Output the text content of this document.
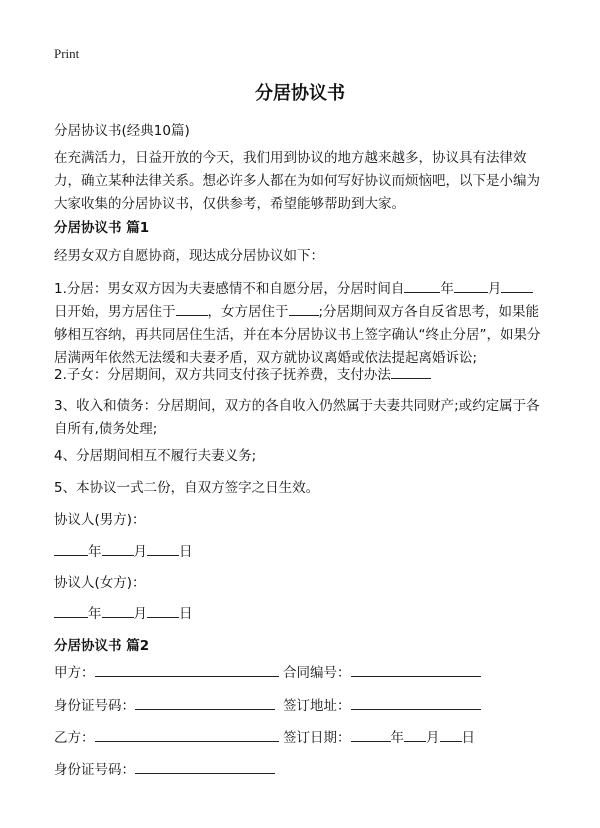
Print
分居协议书
分居协议书(经典10篇)
在充满活力，日益开放的今天，我们用到协议的地方越来越多，协议具有法律效力，确立某种法律关系。想必许多人都在为如何写好协议而烦恼吧，以下是小编为大家收集的分居协议书，仅供参考，希望能够帮助到大家。
分居协议书 篇1
经男女双方自愿协商，现达成分居协议如下：
1.分居：男女双方因为夫妻感情不和自愿分居，分居时间自	年	月 日开始，男方居住于 ，女方居住于 ;分居期间双方各自反省思考，如果能够相互容纳，再共同居住生活，并在本分居协议书上签字确认“终止分居”，如果分居满两年依然无法缓和夫妻矛盾，双方就协议离婚或依法提起离婚诉讼;
2.子女：分居期间，双方共同支付孩子抚养费，支付办法
3、收入和债务：分居期间，双方的各自收入仍然属于夫妻共同财产;或约定属于各自所有,债务处理;
4、分居期间相互不履行夫妻义务;
5、本协议一式二份，自双方签字之日生效。
协议人(男方)：
年 月 日
协议人(女方)：
年 月 日
分居协议书 篇2
甲方：	合同编号：
身份证号码：	签订地址：
乙方：	签订日期：	年 月 日
身份证号码：
